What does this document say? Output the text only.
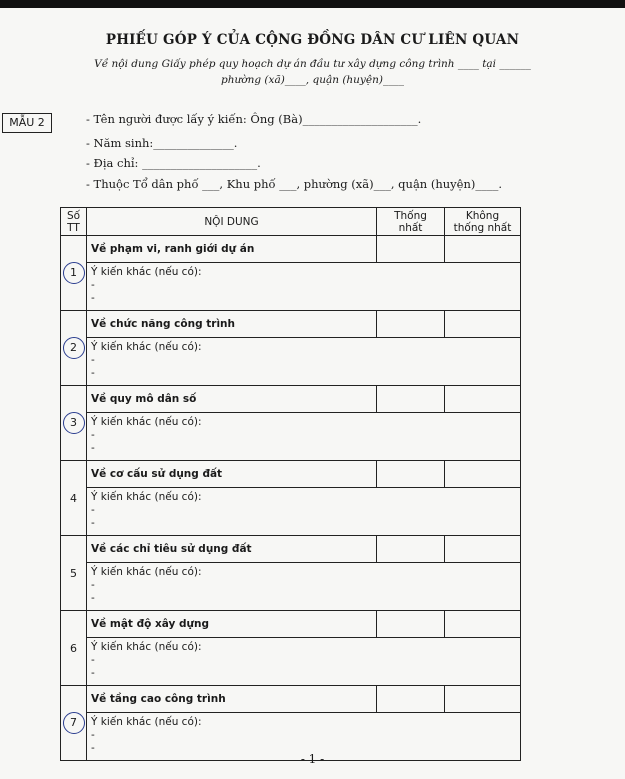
PHIẾU GÓP Ý CỦA CỘNG ĐỒNG DÂN CƯ LIÊN QUAN
Về nội dung Giấy phép quy hoạch dự án đầu tư xây dựng công trình ____ tại ______
phường (xã)____, quận (huyện)____
MẪU 2	- Tên người được lấy ý kiến: Ông (Bà)____________________.
- Năm sinh:______________.
- Địa chỉ: ____________________.
- Thuộc Tổ dân phố ___, Khu phố ___, phường (xã)___, quận (huyện)____.
Số TT	NỘI DUNG	Thống nhất	Không thống nhất
1	Về phạm vi, ranh giới dự án		

	Ý kiến khác (nếu có):
-
-		

2	Về chức năng công trình		

	Ý kiến khác (nếu có):
-
-		

3	Về quy mô dân số		

	Ý kiến khác (nếu có):
-
-		

4	Về cơ cấu sử dụng đất		

	Ý kiến khác (nếu có):
-
-		

5	Về các chỉ tiêu sử dụng đất		

	Ý kiến khác (nếu có):
-
-		

6	Về mật độ xây dựng		

	Ý kiến khác (nếu có):
-
-		

7	Về tầng cao công trình		

	Ý kiến khác (nếu có):
-
-		
- 1 -
